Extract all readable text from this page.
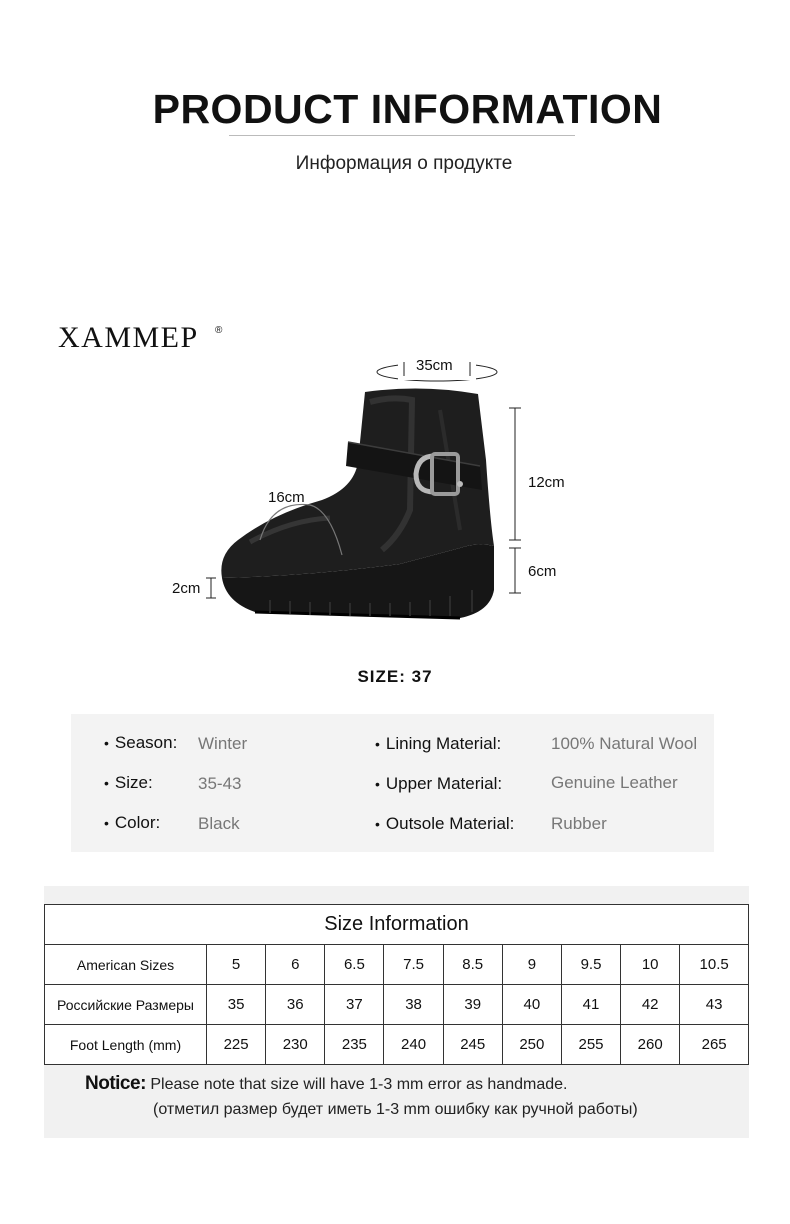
PRODUCT INFORMATION
Информация о продукте
XAMMEP ®
35cm
12cm
6cm
16cm
2cm
SIZE: 37
• Season: Winter
• Size:	35-43
• Color: Black
• Lining Material:	100% Natural Wool
• Upper Material:	Genuine Leather
• Outsole Material: Rubber
Size Information									
American Sizes	5	6	6.5	7.5	8.5	9	9.5	10	10.5
Российские Размеры	35	36	37	38	39	40	41	42	43
Foot Length (mm)	225	230	235	240	245	250	255	260	265
Notice: Please note that size will have 1-3 mm error as handmade.
(отметил размер будет иметь 1-3 mm ошибку как ручной работы)
